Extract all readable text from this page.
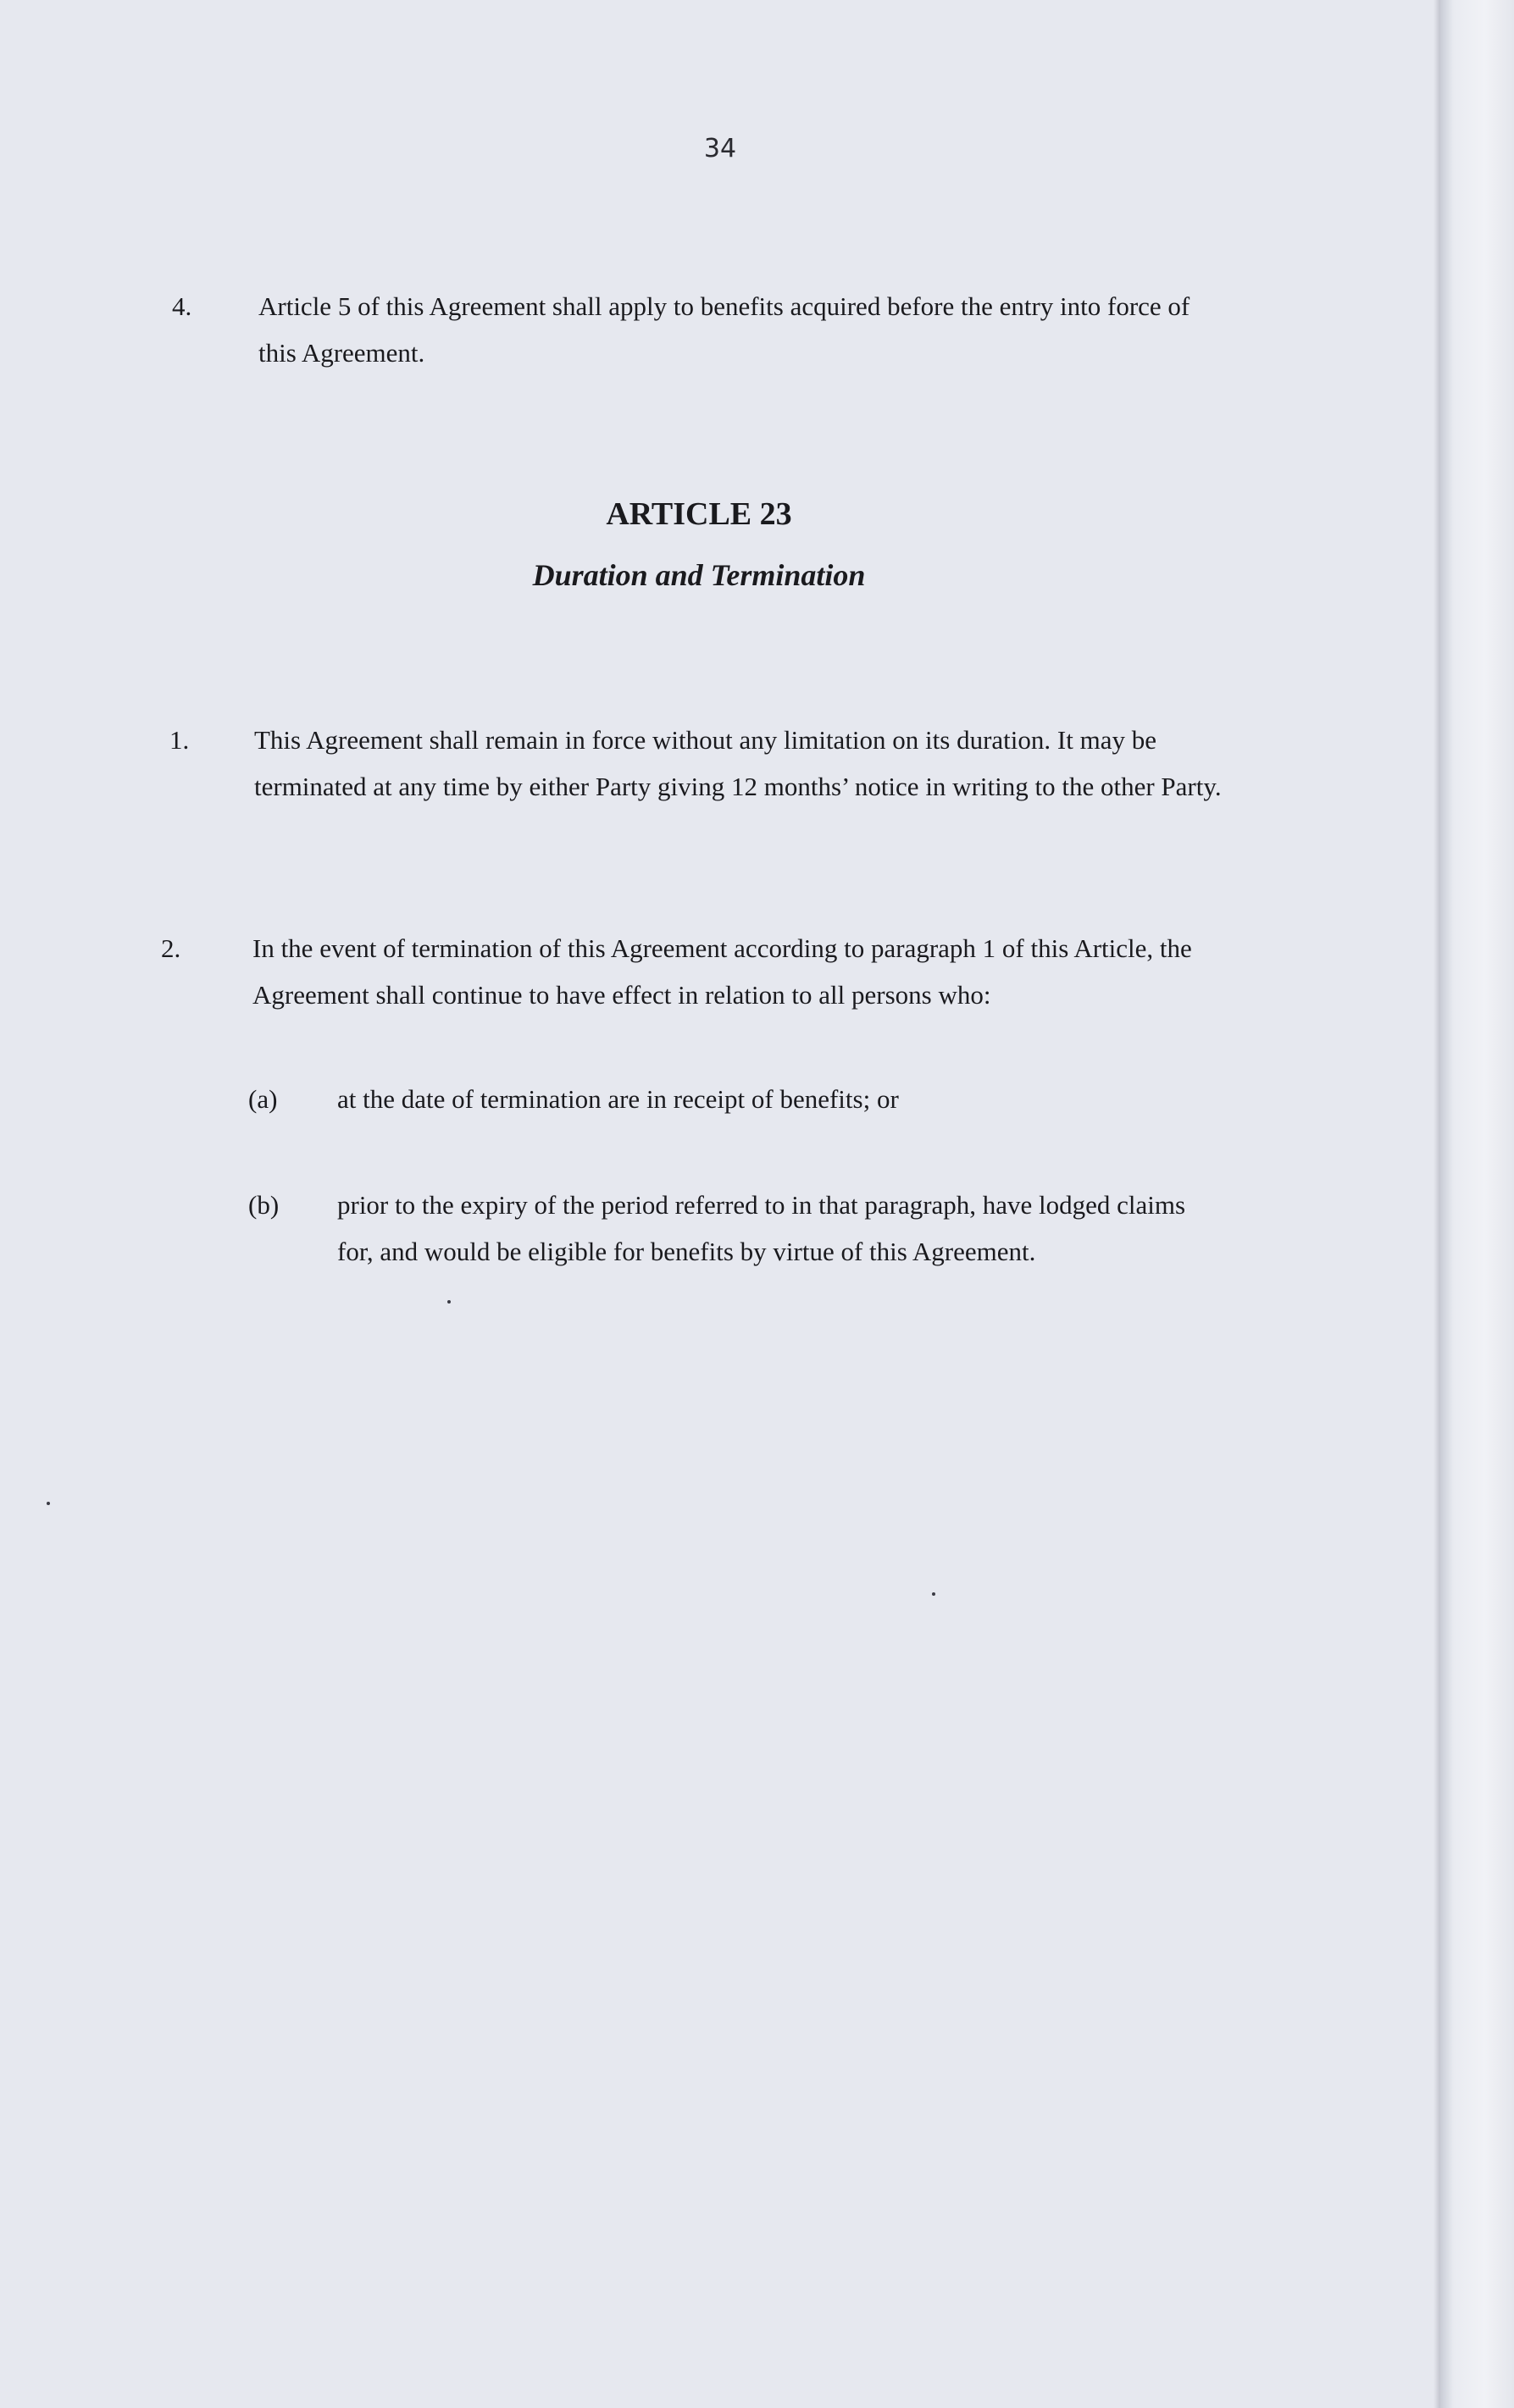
34
4.	Article 5 of this Agreement shall apply to benefits acquired before the entry into force of this Agreement.
ARTICLE 23
Duration and Termination
1. This Agreement shall remain in force without any limitation on its duration. It may be terminated at any time by either Party giving 12 months’ notice in writing to the other Party.
2.	In the event of termination of this Agreement according to paragraph 1 of this Article, the Agreement shall continue to have effect in relation to all persons who:
(a) at the date of termination are in receipt of benefits; or
(b) prior to the expiry of the period referred to in that paragraph, have lodged claims for, and would be eligible for benefits by virtue of this Agreement.
